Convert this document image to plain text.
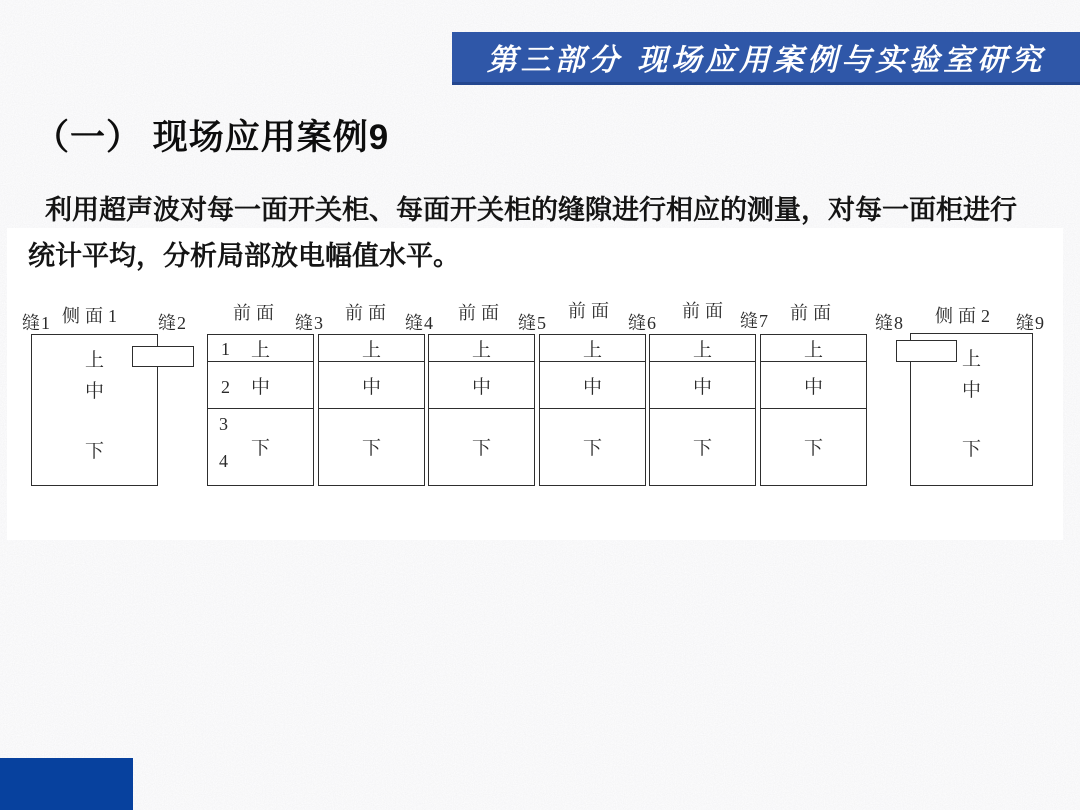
第三部分 现场应用案例与实验室研究
（一） 现场应用案例9
利用超声波对每一面开关柜、每面开关柜的缝隙进行相应的测量，对每一面柜进行
统计平均，分析局部放电幅值水平。
缝1 侧面1 缝2	前面 缝3 前面 缝4 前面 缝5
前面
缝6
前面 缝7 前面 缝8 侧面2 缝9
上
中
下
上
中
下
1
2
3
4
上
中
下
上
中
下
上
中
下
上
中
下
上
中
下
上
中
下
